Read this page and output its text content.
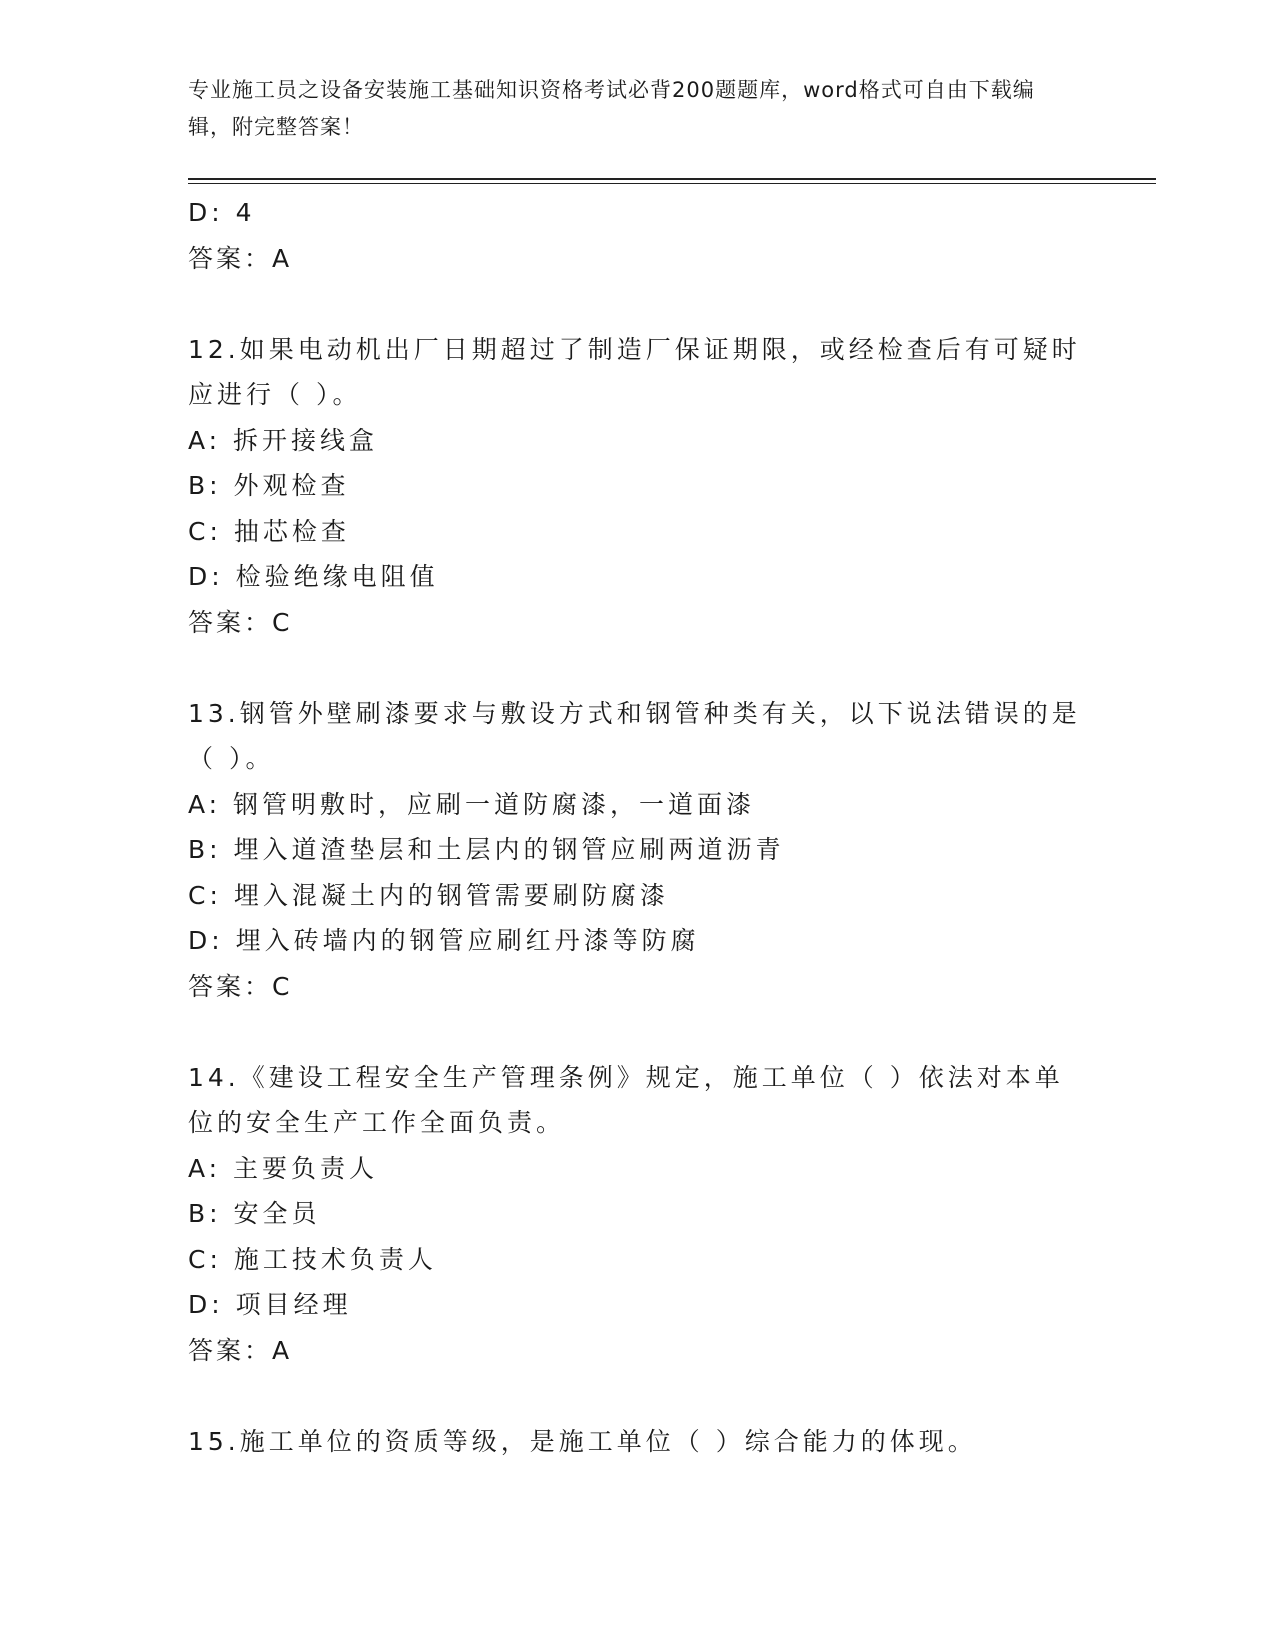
专业施工员之设备安装施工基础知识资格考试必背200题题库，word格式可自由下载编辑，附完整答案！
D: 4
答案：A
12.如果电动机出厂日期超过了制造厂保证期限，或经检查后有可疑时
应进行（ ）。
A: 拆开接线盒
B: 外观检查
C: 抽芯检查
D: 检验绝缘电阻值
答案：C
13.钢管外壁刷漆要求与敷设方式和钢管种类有关，以下说法错误的是
（ ）。
A: 钢管明敷时，应刷一道防腐漆，一道面漆
B: 埋入道渣垫层和土层内的钢管应刷两道沥青
C: 埋入混凝土内的钢管需要刷防腐漆
D: 埋入砖墙内的钢管应刷红丹漆等防腐
答案：C
14.《建设工程安全生产管理条例》规定，施工单位（ ）依法对本单
位的安全生产工作全面负责。
A: 主要负责人
B: 安全员
C: 施工技术负责人
D: 项目经理
答案：A
15.施工单位的资质等级，是施工单位（ ）综合能力的体现。
